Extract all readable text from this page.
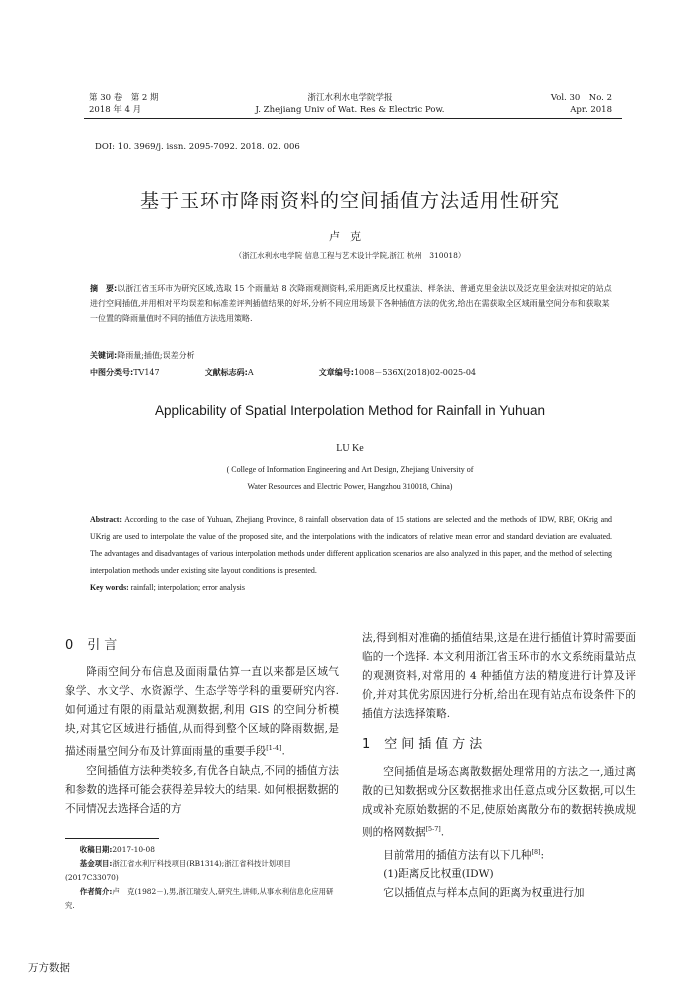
第 30 卷　第 2 期
2018 年 4 月
浙江水利水电学院学报
J. Zhejiang Univ of Wat. Res & Electric Pow.
Vol. 30　No. 2
Apr. 2018
DOI: 10. 3969/j. issn. 2095-7092. 2018. 02. 006
基于玉环市降雨资料的空间插值方法适用性研究
卢克
（浙江水利水电学院 信息工程与艺术设计学院,浙江 杭州　310018）
摘　要:以浙江省玉环市为研究区域,选取 15 个雨量站 8 次降雨观测资料,采用距离反比权重法、样条法、普通克里金法以及泛克里金法对拟定的站点进行空间插值,并用相对平均误差和标准差评判插值结果的好坏,分析不同应用场景下各种插值方法的优劣,给出在需获取全区域雨量空间分布和获取某一位置的降雨量值时不同的插值方法选用策略.
关键词:降雨量;插值;误差分析
中图分类号:TV147	文献标志码:A	文章编号:1008－536X(2018)02-0025-04
Applicability of Spatial Interpolation Method for Rainfall in Yuhuan
LU Ke
( College of Information Engineering and Art Design, Zhejiang University of
Water Resources and Electric Power, Hangzhou 310018, China)
Abstract: According to the case of Yuhuan, Zhejiang Province, 8 rainfall observation data of 15 stations are selected and the methods of IDW, RBF, OKrig and UKrig are used to interpolate the value of the proposed site, and the interpolations with the indicators of relative mean error and standard deviation are evaluated. The advantages and disadvantages of various interpolation methods under different application scenarios are also analyzed in this paper, and the method of selecting interpolation methods under existing site layout conditions is presented.
Key words: rainfall; interpolation; error analysis
0 引言
降雨空间分布信息及面雨量估算一直以来都是区域气象学、水文学、水资源学、生态学等学科的重要研究内容. 如何通过有限的雨量站观测数据,利用 GIS 的空间分析模块,对其它区域进行插值,从而得到整个区域的降雨数据,是描述雨量空间分布及计算面雨量的重要手段[1-4].
空间插值方法种类较多,有优各自缺点,不同的插值方法和参数的选择可能会获得差异较大的结果. 如何根据数据的不同情况去选择合适的方
收稿日期:2017-10-08
基金项目:浙江省水利厅科技项目(RB1314);浙江省科技计划项目(2017C33070)
作者简介:卢　克(1982－),男,浙江瑞安人,研究生,讲师,从事水利信息化应用研究.
法,得到相对准确的插值结果,这是在进行插值计算时需要面临的一个选择. 本文利用浙江省玉环市的水文系统雨量站点的观测资料,对常用的 4 种插值方法的精度进行计算及评价,并对其优劣原因进行分析,给出在现有站点布设条件下的插值方法选择策略.
1 空间插值方法
空间插值是场态离散数据处理常用的方法之一,通过离散的已知数据或分区数据推求出任意点或分区数据,可以生成或补充原始数据的不足,使原始离散分布的数据转换成规则的格网数据[5-7].
目前常用的插值方法有以下几种[8]:
(1)距离反比权重(IDW)
它以插值点与样本点间的距离为权重进行加
万方数据
